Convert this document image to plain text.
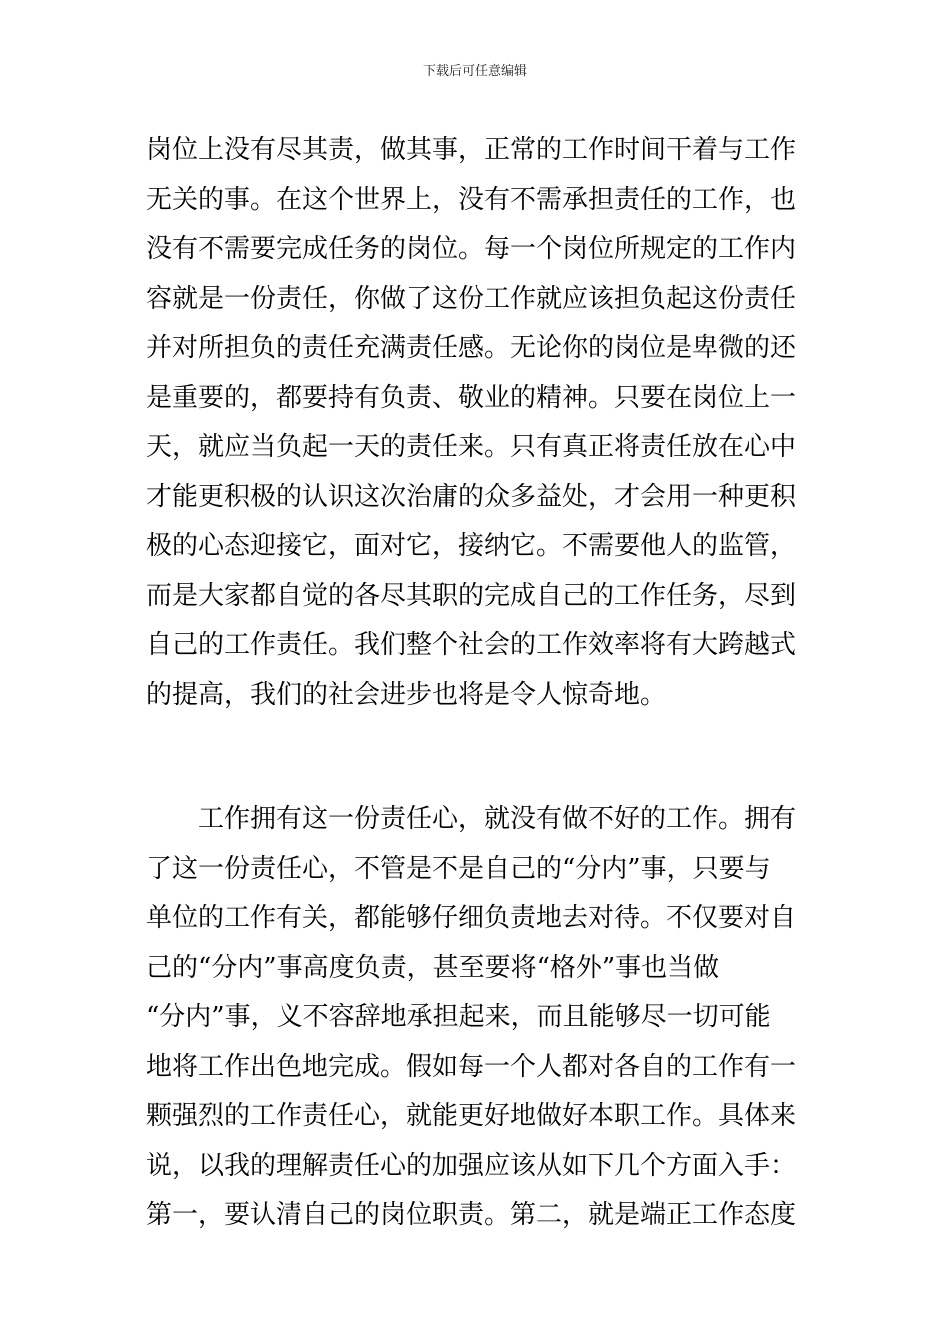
下载后可任意编辑
岗位上没有尽其责，做其事，正常的工作时间干着与工作
无关的事。在这个世界上，没有不需承担责任的工作，也
没有不需要完成任务的岗位。每一个岗位所规定的工作内
容就是一份责任，你做了这份工作就应该担负起这份责任
并对所担负的责任充满责任感。无论你的岗位是卑微的还
是重要的，都要持有负责、敬业的精神。只要在岗位上一
天，就应当负起一天的责任来。只有真正将责任放在心中
才能更积极的认识这次治庸的众多益处，才会用一种更积
极的心态迎接它，面对它，接纳它。不需要他人的监管，
而是大家都自觉的各尽其职的完成自己的工作任务，尽到
自己的工作责任。我们整个社会的工作效率将有大跨越式
的提高，我们的社会进步也将是令人惊奇地。
　　工作拥有这一份责任心，就没有做不好的工作。拥有
了这一份责任心，不管是不是自己的“分内”事，只要与
单位的工作有关，都能够仔细负责地去对待。不仅要对自
己的“分内”事高度负责，甚至要将“格外”事也当做
“分内”事，义不容辞地承担起来，而且能够尽一切可能
地将工作出色地完成。假如每一个人都对各自的工作有一
颗强烈的工作责任心，就能更好地做好本职工作。具体来
说，以我的理解责任心的加强应该从如下几个方面入手：
第一，要认清自己的岗位职责。第二，就是端正工作态度
